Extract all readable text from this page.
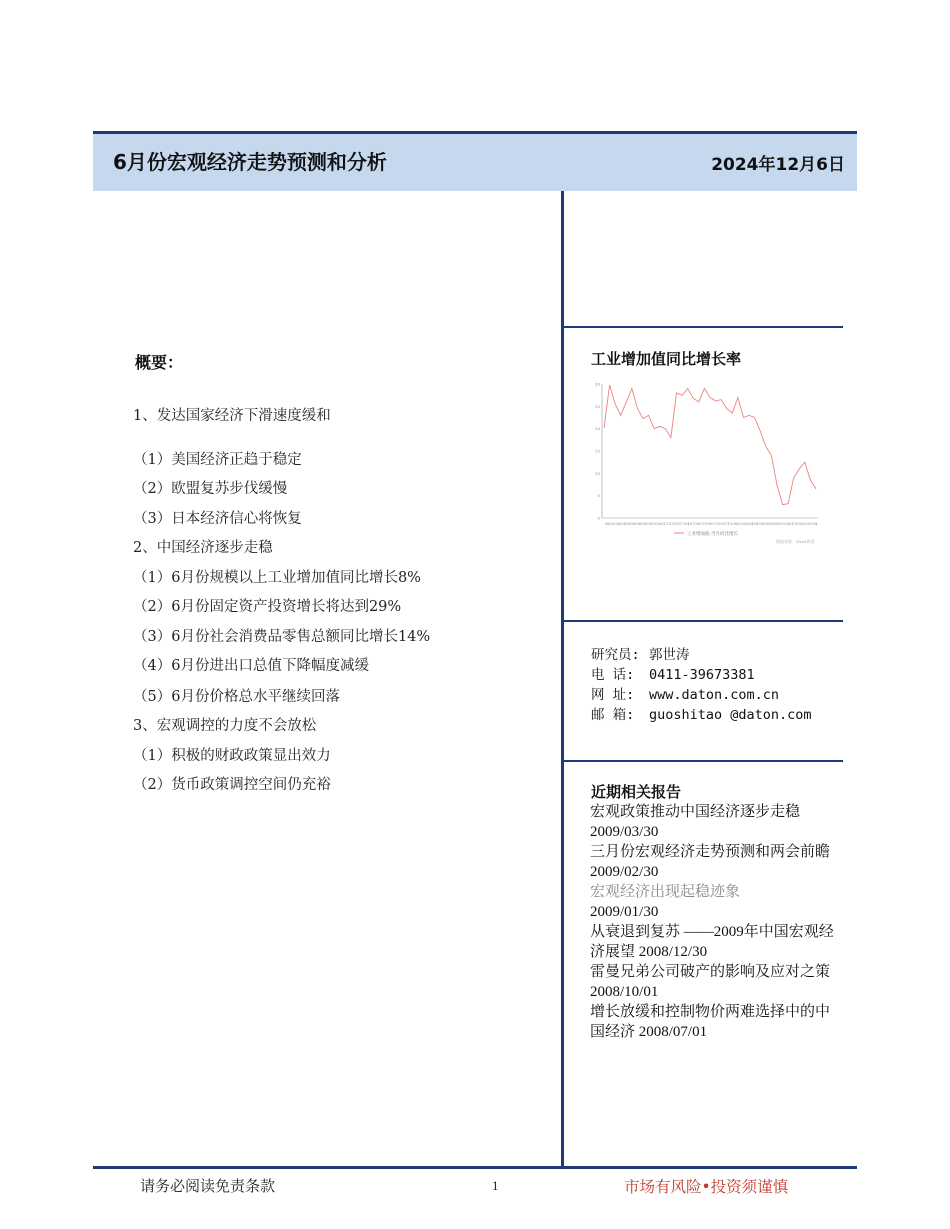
6月份宏观经济走势预测和分析	2024年12月6日
概要：
1、发达国家经济下滑速度缓和
（1）美国经济正趋于稳定
（2）欧盟复苏步伐缓慢
（3）日本经济信心将恢复
2、中国经济逐步走稳
（1）6月份规模以上工业增加值同比增长8%
（2）6月份固定资产投资增长将达到29%
（3）6月份社会消费品零售总额同比增长14%
（4）6月份进出口总值下降幅度减缓
（5）6月份价格总水平继续回落
3、宏观调控的力度不会放松
（1）积极的财政政策显出效力
（2）货币政策调控空间仍充裕
工业增加值同比增长率
0
5
10
15
20
25
30
06/02 06/04 06/06 06/08 06/10 06/12 07/02 07/04 07/06 07/08 07/10 07/12 08/02 08/04 08/06 08/08 08/10 08/12 09/02 09/04
工业增加值:当月同比增长
数据来源：Wind资讯
研究员: 郭世涛
电 话: 0411-39673381
网 址: www.daton.com.cn
邮 箱: guoshitao @daton.com
近期相关报告
宏观政策推动中国经济逐步走稳 2009/03/30
三月份宏观经济走势预测和两会前瞻 2009/02/30
宏观经济出现起稳迹象
2009/01/30
从衰退到复苏 ——2009年中国宏观经济展望 2008/12/30
雷曼兄弟公司破产的影响及应对之策 2008/10/01
增长放缓和控制物价两难选择中的中国经济 2008/07/01
请务必阅读免责条款	1	市场有风险•投资须谨慎
